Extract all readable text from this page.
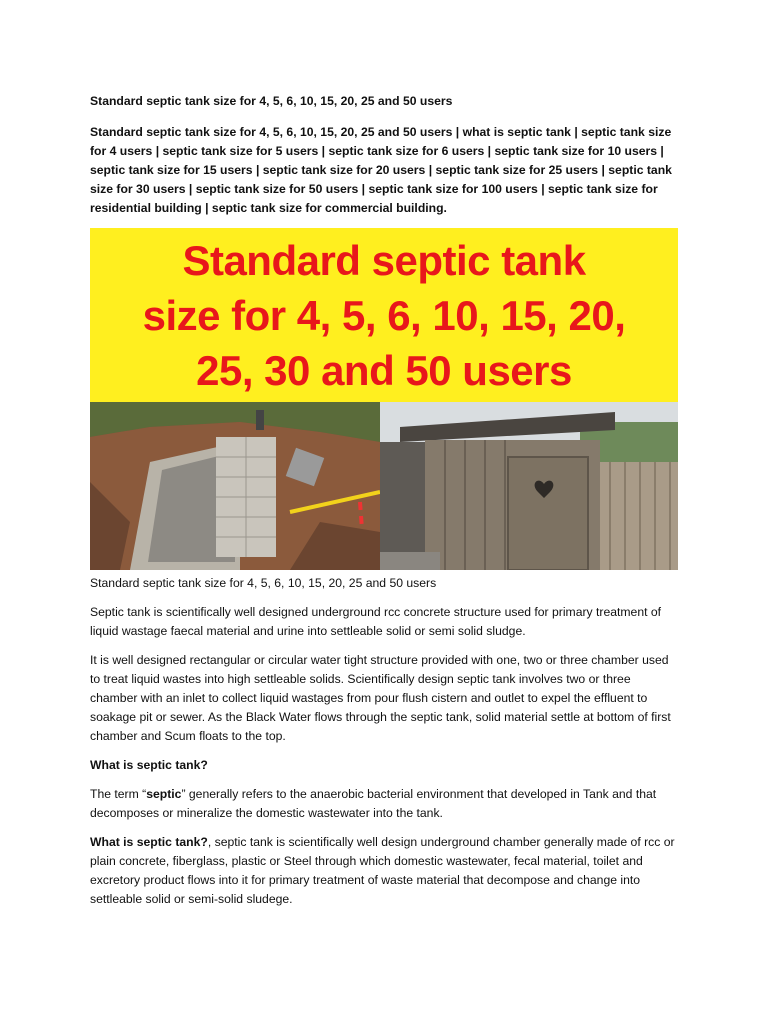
Standard septic tank size for 4, 5, 6, 10, 15, 20, 25 and 50 users

Standard septic tank size for 4, 5, 6, 10, 15, 20, 25 and 50 users | what is septic tank | septic tank size for 4 users | septic tank size for 5 users | septic tank size for 6 users | septic tank size for 10 users | septic tank size for 15 users | septic tank size for 20 users | septic tank size for 25 users | septic tank size for 30 users | septic tank size for 50 users | septic tank size for 100 users | septic tank size for residential building | septic tank size for commercial building.

Standard septic tank
size for 4, 5, 6, 10, 15, 20,
25, 30 and 50 users

Standard septic tank size for 4, 5, 6, 10, 15, 20, 25 and 50 users

Septic tank is scientifically well designed underground rcc concrete structure used for primary treatment of liquid wastage faecal material and urine into settleable solid or semi solid sludge.

It is well designed rectangular or circular water tight structure provided with one, two or three chamber used to treat liquid wastes into high settleable solids. Scientifically design septic tank involves two or three chamber with an inlet to collect liquid wastages from pour flush cistern and outlet to expel the effluent to soakage pit or sewer. As the Black Water flows through the septic tank, solid material settle at bottom of first chamber and Scum floats to the top.

What is septic tank?

The term “septic” generally refers to the anaerobic bacterial environment that developed in Tank and that decomposes or mineralize the domestic wastewater into the tank.

What is septic tank?, septic tank is scientifically well design underground chamber generally made of rcc or plain concrete, fiberglass, plastic or Steel through which domestic wastewater, fecal material, toilet and excretory product flows into it for primary treatment of waste material that decompose and change into settleable solid or semi-solid sludege.
